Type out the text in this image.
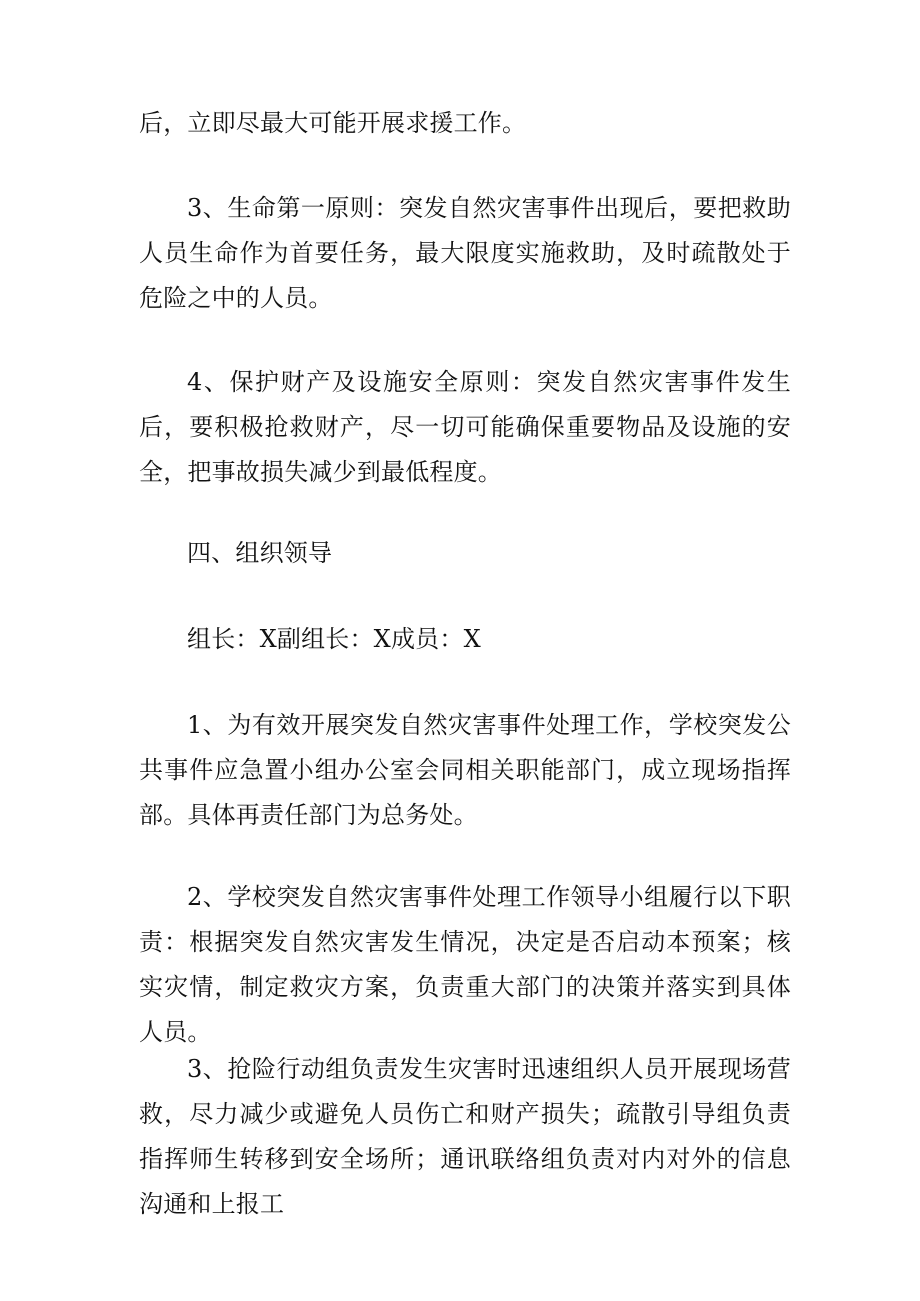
后，立即尽最大可能开展求援工作。

3、生命第一原则：突发自然灾害事件出现后，要把救助人员生命作为首要任务，最大限度实施救助，及时疏散处于危险之中的人员。

4、保护财产及设施安全原则：突发自然灾害事件发生后，要积极抢救财产，尽一切可能确保重要物品及设施的安全，把事故损失减少到最低程度。

四、组织领导

组长：X副组长：X成员：X

1、为有效开展突发自然灾害事件处理工作，学校突发公共事件应急置小组办公室会同相关职能部门，成立现场指挥部。具体再责任部门为总务处。

2、学校突发自然灾害事件处理工作领导小组履行以下职责：根据突发自然灾害发生情况，决定是否启动本预案；核实灾情，制定救灾方案，负责重大部门的决策并落实到具体人员。

3、抢险行动组负责发生灾害时迅速组织人员开展现场营救，尽力减少或避免人员伤亡和财产损失；疏散引导组负责指挥师生转移到安全场所；通讯联络组负责对内对外的信息沟通和上报工
